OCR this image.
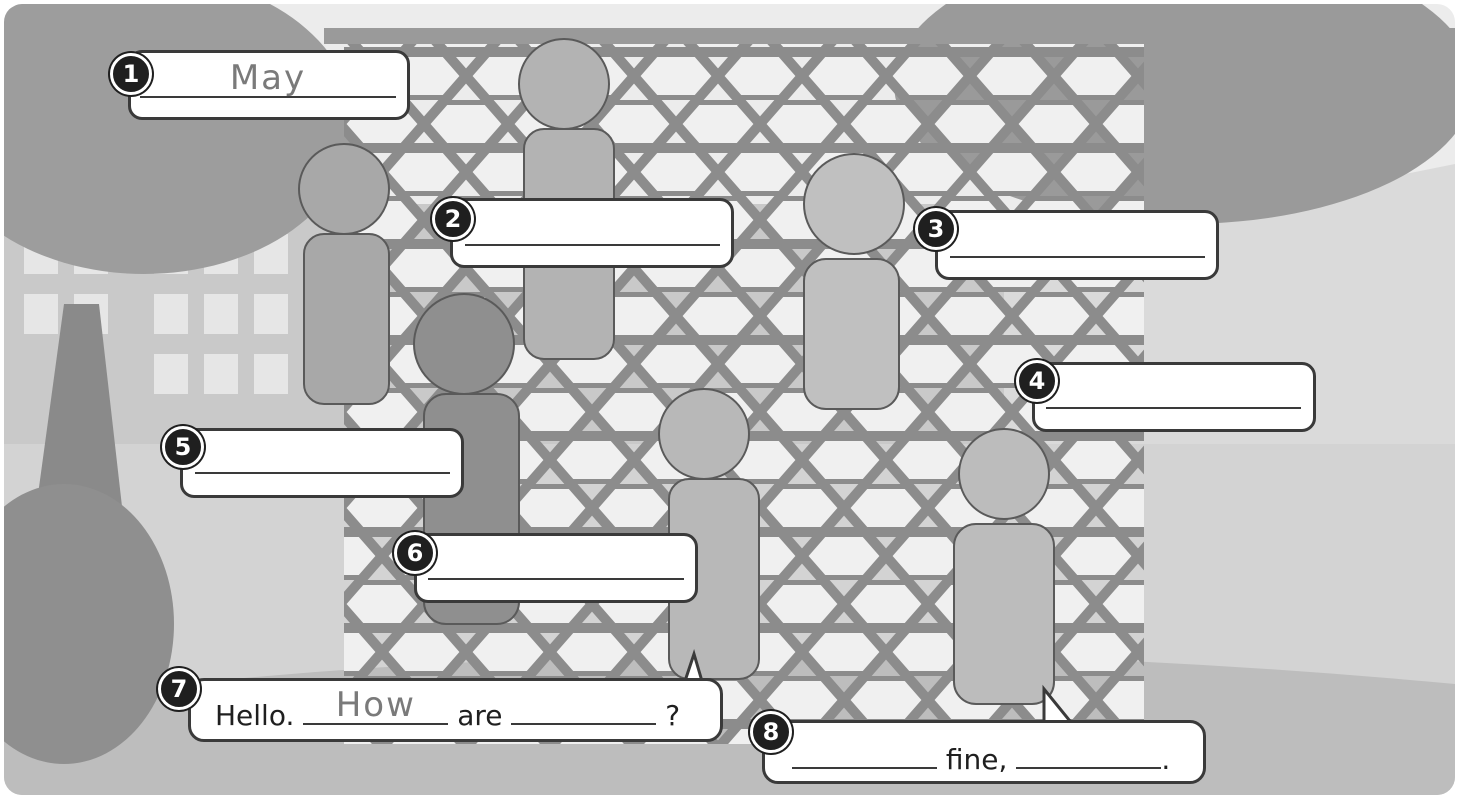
May
1
2	3
4
5
6
7
Hello.	How	are	?	8
fine,	.
